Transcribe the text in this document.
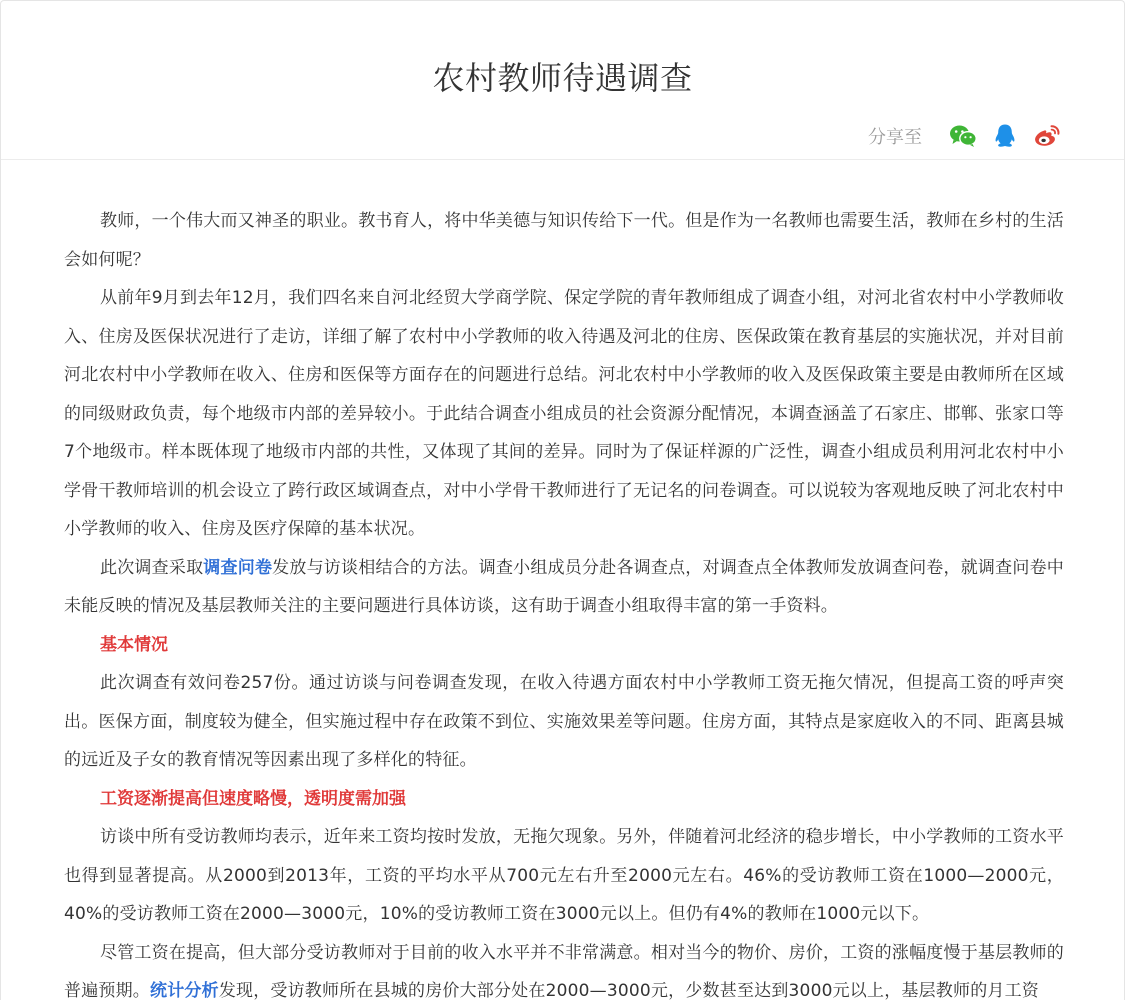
农村教师待遇调查
分享至

教师，一个伟大而又神圣的职业。教书育人，将中华美德与知识传给下一代。但是作为一名教师也需要生活，教师在乡村的生活会如何呢？

从前年9月到去年12月，我们四名来自河北经贸大学商学院、保定学院的青年教师组成了调查小组，对河北省农村中小学教师收入、住房及医保状况进行了走访，详细了解了农村中小学教师的收入待遇及河北的住房、医保政策在教育基层的实施状况，并对目前河北农村中小学教师在收入、住房和医保等方面存在的问题进行总结。河北农村中小学教师的收入及医保政策主要是由教师所在区域的同级财政负责，每个地级市内部的差异较小。于此结合调查小组成员的社会资源分配情况，本调查涵盖了石家庄、邯郸、张家口等7个地级市。样本既体现了地级市内部的共性，又体现了其间的差异。同时为了保证样源的广泛性，调查小组成员利用河北农村中小学骨干教师培训的机会设立了跨行政区域调查点，对中小学骨干教师进行了无记名的问卷调查。可以说较为客观地反映了河北农村中小学教师的收入、住房及医疗保障的基本状况。

此次调查采取调查问卷发放与访谈相结合的方法。调查小组成员分赴各调查点，对调查点全体教师发放调查问卷，就调查问卷中未能反映的情况及基层教师关注的主要问题进行具体访谈，这有助于调查小组取得丰富的第一手资料。

基本情况

此次调查有效问卷257份。通过访谈与问卷调查发现，在收入待遇方面农村中小学教师工资无拖欠情况，但提高工资的呼声突出。医保方面，制度较为健全，但实施过程中存在政策不到位、实施效果差等问题。住房方面，其特点是家庭收入的不同、距离县城的远近及子女的教育情况等因素出现了多样化的特征。

工资逐渐提高但速度略慢，透明度需加强

访谈中所有受访教师均表示，近年来工资均按时发放，无拖欠现象。另外，伴随着河北经济的稳步增长，中小学教师的工资水平也得到显著提高。从2000到2013年，工资的平均水平从700元左右升至2000元左右。46%的受访教师工资在1000—2000元，40%的受访教师工资在2000—3000元，10%的受访教师工资在3000元以上。但仍有4%的教师在1000元以下。

尽管工资在提高，但大部分受访教师对于目前的收入水平并不非常满意。相对当今的物价、房价，工资的涨幅度慢于基层教师的普遍预期。统计分析发现，受访教师所在县城的房价大部分处在2000—3000元，少数甚至达到3000元以上，基层教师的月工资
